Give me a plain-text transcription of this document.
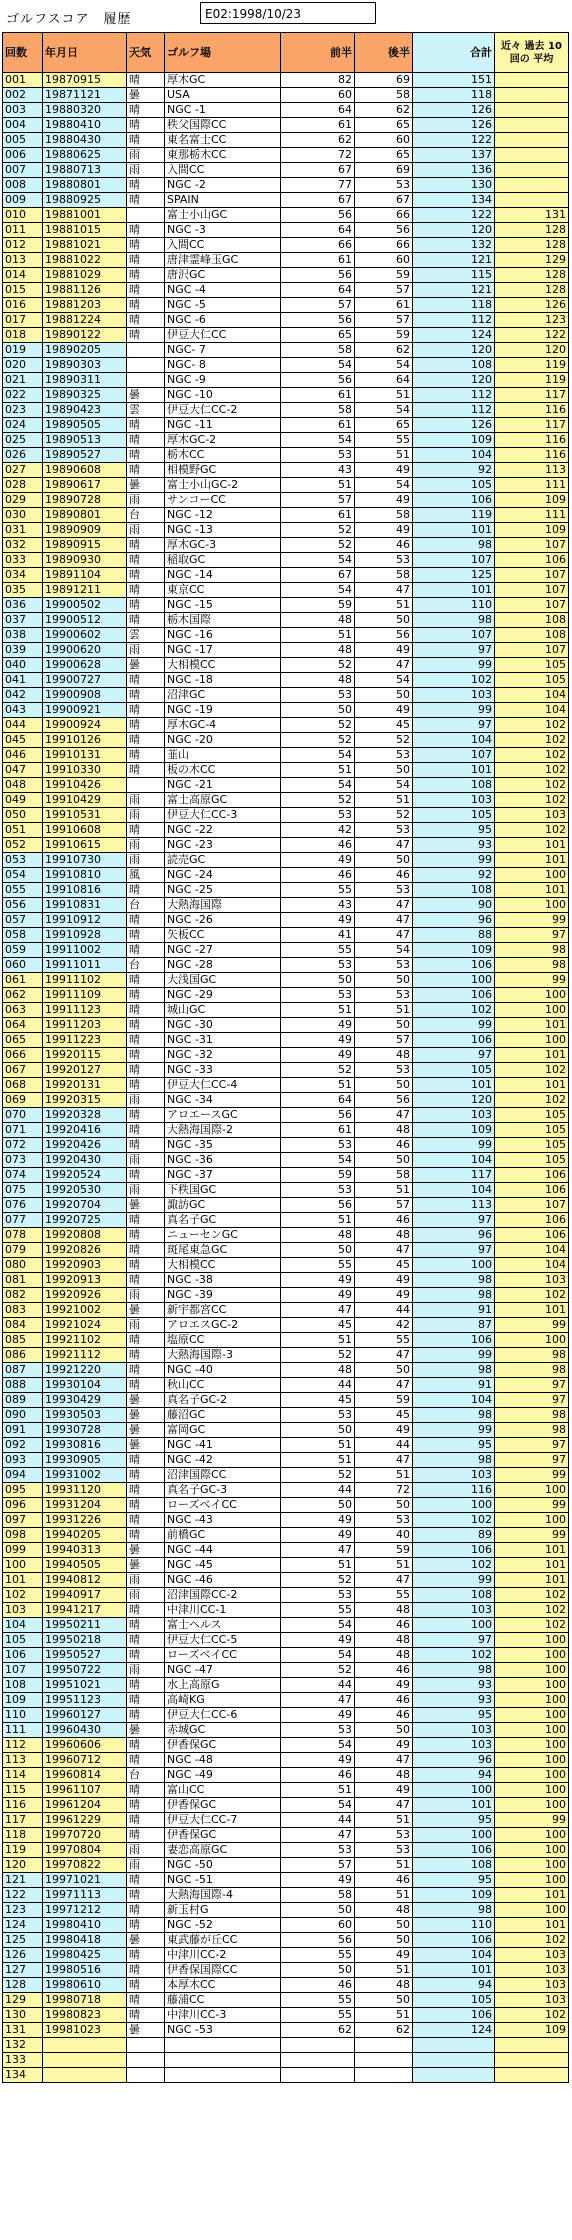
ゴルフスコア　履歴	E02:1998/10/23
回数	年月日	天気	ゴルフ場	前半	後半	合計	近々 過去 10回の 平均
001	19870915	晴	厚木GC	82	69	151	
002	19871121	曇	USA	60	58	118	
003	19880320	晴	NGC -1	64	62	126	
004	19880410	晴	秩父国際CC	61	65	126	
005	19880430	晴	東名富士CC	62	60	122	
006	19880625	雨	東那栃木CC	72	65	137	
007	19880713	雨	入間CC	67	69	136	
008	19880801	晴	NGC -2	77	53	130	
009	19880925	晴	SPAIN	67	67	134	
010	19881001		富士小山GC	56	66	122	131
011	19881015	晴	NGC -3	64	56	120	128
012	19881021	晴	入間CC	66	66	132	128
013	19881022	晴	唐津霊峰玉GC	61	60	121	129
014	19881029	晴	唐沢GC	56	59	115	128
015	19881126	晴	NGC -4	64	57	121	128
016	19881203	晴	NGC -5	57	61	118	126
017	19881224	晴	NGC -6	56	57	112	123
018	19890122	晴	伊豆大仁CC	65	59	124	122
019	19890205		NGC- 7	58	62	120	120
020	19890303		NGC- 8	54	54	108	119
021	19890311		NGC -9	56	64	120	119
022	19890325	曇	NGC -10	61	51	112	117
023	19890423	雲	伊豆大仁CC-2	58	54	112	116
024	19890505	晴	NGC -11	61	65	126	117
025	19890513	晴	厚木GC-2	54	55	109	116
026	19890527	晴	栃木CC	53	51	104	116
027	19890608	晴	相模野GC	43	49	92	113
028	19890617	曇	富士小山GC-2	51	54	105	111
029	19890728	雨	サンコーCC	57	49	106	109
030	19890801	台	NGC -12	61	58	119	111
031	19890909	雨	NGC -13	52	49	101	109
032	19890915	晴	厚木GC-3	52	46	98	107
033	19890930	晴	稲取GC	54	53	107	106
034	19891104	晴	NGC -14	67	58	125	107
035	19891211	晴	東京CC	54	47	101	107
036	19900502	晴	NGC -15	59	51	110	107
037	19900512	晴	栃木国際	48	50	98	108
038	19900602	雲	NGC -16	51	56	107	108
039	19900620	雨	NGC -17	48	49	97	107
040	19900628	曇	大相模CC	52	47	99	105
041	19900727	晴	NGC -18	48	54	102	105
042	19900908	晴	沼津GC	53	50	103	104
043	19900921	晴	NGC -19	50	49	99	104
044	19900924	晴	厚木GC-4	52	45	97	102
045	19910126	晴	NGC -20	52	52	104	102
046	19910131	晴	韮山	54	53	107	102
047	19910330	晴	板の木CC	51	50	101	102
048	19910426		NGC -21	54	54	108	102
049	19910429	雨	富士高原GC	52	51	103	102
050	19910531	雨	伊豆大仁CC-3	53	52	105	103
051	19910608	晴	NGC -22	42	53	95	102
052	19910615	雨	NGC -23	46	47	93	101
053	19910730	雨	読売GC	49	50	99	101
054	19910810	風	NGC -24	46	46	92	100
055	19910816	晴	NGC -25	55	53	108	101
056	19910831	台	大熱海国際	43	47	90	100
057	19910912	晴	NGC -26	49	47	96	99
058	19910928	晴	矢板CC	41	47	88	97
059	19911002	晴	NGC -27	55	54	109	98
060	19911011	台	NGC -28	53	53	106	98
061	19911102	晴	大浅国GC	50	50	100	99
062	19911109	晴	NGC -29	53	53	106	100
063	19911123	晴	城山GC	51	51	102	100
064	19911203	晴	NGC -30	49	50	99	101
065	19911223	晴	NGC -31	49	57	106	100
066	19920115	晴	NGC -32	49	48	97	101
067	19920127	晴	NGC -33	52	53	105	102
068	19920131	晴	伊豆大仁CC-4	51	50	101	101
069	19920315	雨	NGC -34	64	56	120	102
070	19920328	晴	アロエースGC	56	47	103	105
071	19920416	晴	大熱海国際-2	61	48	109	105
072	19920426	晴	NGC -35	53	46	99	105
073	19920430	雨	NGC -36	54	50	104	105
074	19920524	晴	NGC -37	59	58	117	106
075	19920530	雨	下秩国GC	53	51	104	106
076	19920704	曇	諏訪GC	56	57	113	107
077	19920725	晴	真名子GC	51	46	97	106
078	19920808	晴	ニューセンGC	48	48	96	106
079	19920826	晴	斑尾東急GC	50	47	97	104
080	19920903	晴	大相模CC	55	45	100	104
081	19920913	晴	NGC -38	49	49	98	103
082	19920926	雨	NGC -39	49	49	98	102
083	19921002	曇	新宇都宮CC	47	44	91	101
084	19921024	雨	アロエスGC-2	45	42	87	99
085	19921102	晴	塩原CC	51	55	106	100
086	19921112	晴	大熱海国際-3	52	47	99	98
087	19921220	晴	NGC -40	48	50	98	98
088	19930104	晴	秋山CC	44	47	91	97
089	19930429	曇	真名子GC-2	45	59	104	97
090	19930503	曇	藤沼GC	53	45	98	98
091	19930728	曇	富岡GC	50	49	99	98
092	19930816	曇	NGC -41	51	44	95	97
093	19930905	晴	NGC -42	51	47	98	97
094	19931002	晴	沼津国際CC	52	51	103	99
095	19931120	晴	真名子GC-3	44	72	116	100
096	19931204	晴	ローズベイCC	50	50	100	99
097	19931226	晴	NGC -43	49	53	102	100
098	19940205	晴	前橋GC	49	40	89	99
099	19940313	曇	NGC -44	47	59	106	101
100	19940505	曇	NGC -45	51	51	102	101
101	19940812	雨	NGC -46	52	47	99	101
102	19940917	雨	沼津国際CC-2	53	55	108	102
103	19941217	晴	中津川CC-1	55	48	103	102
104	19950211	晴	富士ヘルス	54	46	100	102
105	19950218	晴	伊豆大仁CC-5	49	48	97	100
106	19950527	晴	ローズベイCC	54	48	102	100
107	19950722	雨	NGC -47	52	46	98	100
108	19951021	晴	水上高原G	44	49	93	100
109	19951123	晴	高崎KG	47	46	93	100
110	19960127	晴	伊豆大仁CC-6	49	46	95	100
111	19960430	曇	赤城GC	53	50	103	100
112	19960606	晴	伊香保GC	54	49	103	100
113	19960712	晴	NGC -48	49	47	96	100
114	19960814	台	NGC -49	46	48	94	100
115	19961107	晴	富山CC	51	49	100	100
116	19961204	晴	伊香保GC	54	47	101	100
117	19961229	晴	伊豆大仁CC-7	44	51	95	99
118	19970720	晴	伊香保GC	47	53	100	100
119	19970804	雨	妻恋高原GC	53	53	106	100
120	19970822	雨	NGC -50	57	51	108	100
121	19971021	晴	NGC -51	49	46	95	100
122	19971113	晴	大熱海国際-4	58	51	109	101
123	19971212	晴	新玉村G	50	48	98	100
124	19980410	晴	NGC -52	60	50	110	101
125	19980418	曇	東武藤が丘CC	56	50	106	102
126	19980425	晴	中津川CC-2	55	49	104	103
127	19980516	晴	伊香保国際CC	50	51	101	103
128	19980610	晴	本厚木CC	46	48	94	103
129	19980718	晴	藤浦CC	55	50	105	103
130	19980823	晴	中津川CC-3	55	51	106	102
131	19981023	曇	NGC -53	62	62	124	109
132							
133							
134							
